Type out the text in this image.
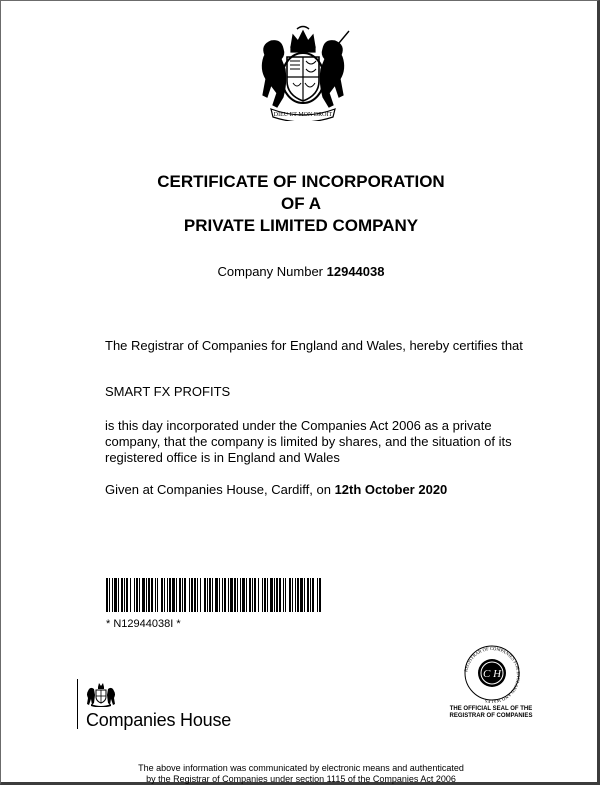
DIEU ET MON DROIT
CERTIFICATE OF INCORPORATION
OF A
PRIVATE LIMITED COMPANY
Company Number 12944038
The Registrar of Companies for England and Wales, hereby certifies that
SMART FX PROFITS
is this day incorporated under the Companies Act 2006 as a private company, that the company is limited by shares, and the situation of its registered office is in England and Wales
Given at Companies House, Cardiff, on 12th October 2020
* N12944038I *
C H
REGISTRAR OF COMPANIES FOR ENGLAND AND WALES
THE OFFICIAL SEAL OF THE
REGISTRAR OF COMPANIES
Companies House
The above information was communicated by electronic means and authenticated
by the Registrar of Companies under section 1115 of the Companies Act 2006
